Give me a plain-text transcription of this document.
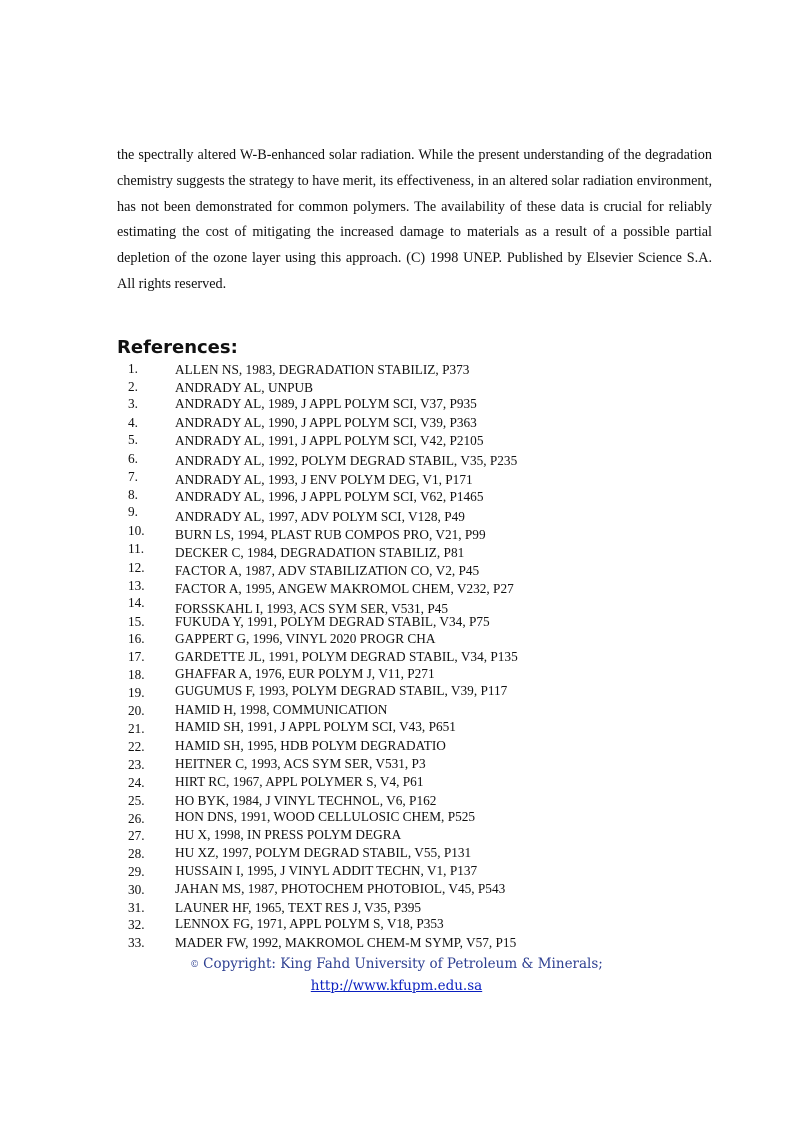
the spectrally altered W-B-enhanced solar radiation. While the present understanding of the degradation chemistry suggests the strategy to have merit, its effectiveness, in an altered solar radiation environment, has not been demonstrated for common polymers. The availability of these data is crucial for reliably estimating the cost of mitigating the increased damage to materials as a result of a possible partial depletion of the ozone layer using this approach. (C) 1998 UNEP. Published by Elsevier Science S.A. All rights reserved.

References:
1.	ALLEN NS, 1983, DEGRADATION STABILIZ, P373
2.	ANDRADY AL, UNPUB
3.	ANDRADY AL, 1989, J APPL POLYM SCI, V37, P935
4.	ANDRADY AL, 1990, J APPL POLYM SCI, V39, P363
5.	ANDRADY AL, 1991, J APPL POLYM SCI, V42, P2105
6.	ANDRADY AL, 1992, POLYM DEGRAD STABIL, V35, P235
7.	ANDRADY AL, 1993, J ENV POLYM DEG, V1, P171
8.	ANDRADY AL, 1996, J APPL POLYM SCI, V62, P1465
9.	ANDRADY AL, 1997, ADV POLYM SCI, V128, P49
10.	BURN LS, 1994, PLAST RUB COMPOS PRO, V21, P99
11.	DECKER C, 1984, DEGRADATION STABILIZ, P81
12.	FACTOR A, 1987, ADV STABILIZATION CO, V2, P45
13.	FACTOR A, 1995, ANGEW MAKROMOL CHEM, V232, P27
14.	FORSSKAHL I, 1993, ACS SYM SER, V531, P45
15.	FUKUDA Y, 1991, POLYM DEGRAD STABIL, V34, P75
16.	GAPPERT G, 1996, VINYL 2020 PROGR CHA
17.	GARDETTE JL, 1991, POLYM DEGRAD STABIL, V34, P135
18.	GHAFFAR A, 1976, EUR POLYM J, V11, P271
19.	GUGUMUS F, 1993, POLYM DEGRAD STABIL, V39, P117
20.	HAMID H, 1998, COMMUNICATION
21.	HAMID SH, 1991, J APPL POLYM SCI, V43, P651
22.	HAMID SH, 1995, HDB POLYM DEGRADATIO
23.	HEITNER C, 1993, ACS SYM SER, V531, P3
24.	HIRT RC, 1967, APPL POLYMER S, V4, P61
25.	HO BYK, 1984, J VINYL TECHNOL, V6, P162
26.	HON DNS, 1991, WOOD CELLULOSIC CHEM, P525
27.	HU X, 1998, IN PRESS POLYM DEGRA
28.	HU XZ, 1997, POLYM DEGRAD STABIL, V55, P131
29.	HUSSAIN I, 1995, J VINYL ADDIT TECHN, V1, P137
30.	JAHAN MS, 1987, PHOTOCHEM PHOTOBIOL, V45, P543
31.	LAUNER HF, 1965, TEXT RES J, V35, P395
32.	LENNOX FG, 1971, APPL POLYM S, V18, P353
33.	MADER FW, 1992, MAKROMOL CHEM-M SYMP, V57, P15
© Copyright: King Fahd University of Petroleum & Minerals;
http://www.kfupm.edu.sa
